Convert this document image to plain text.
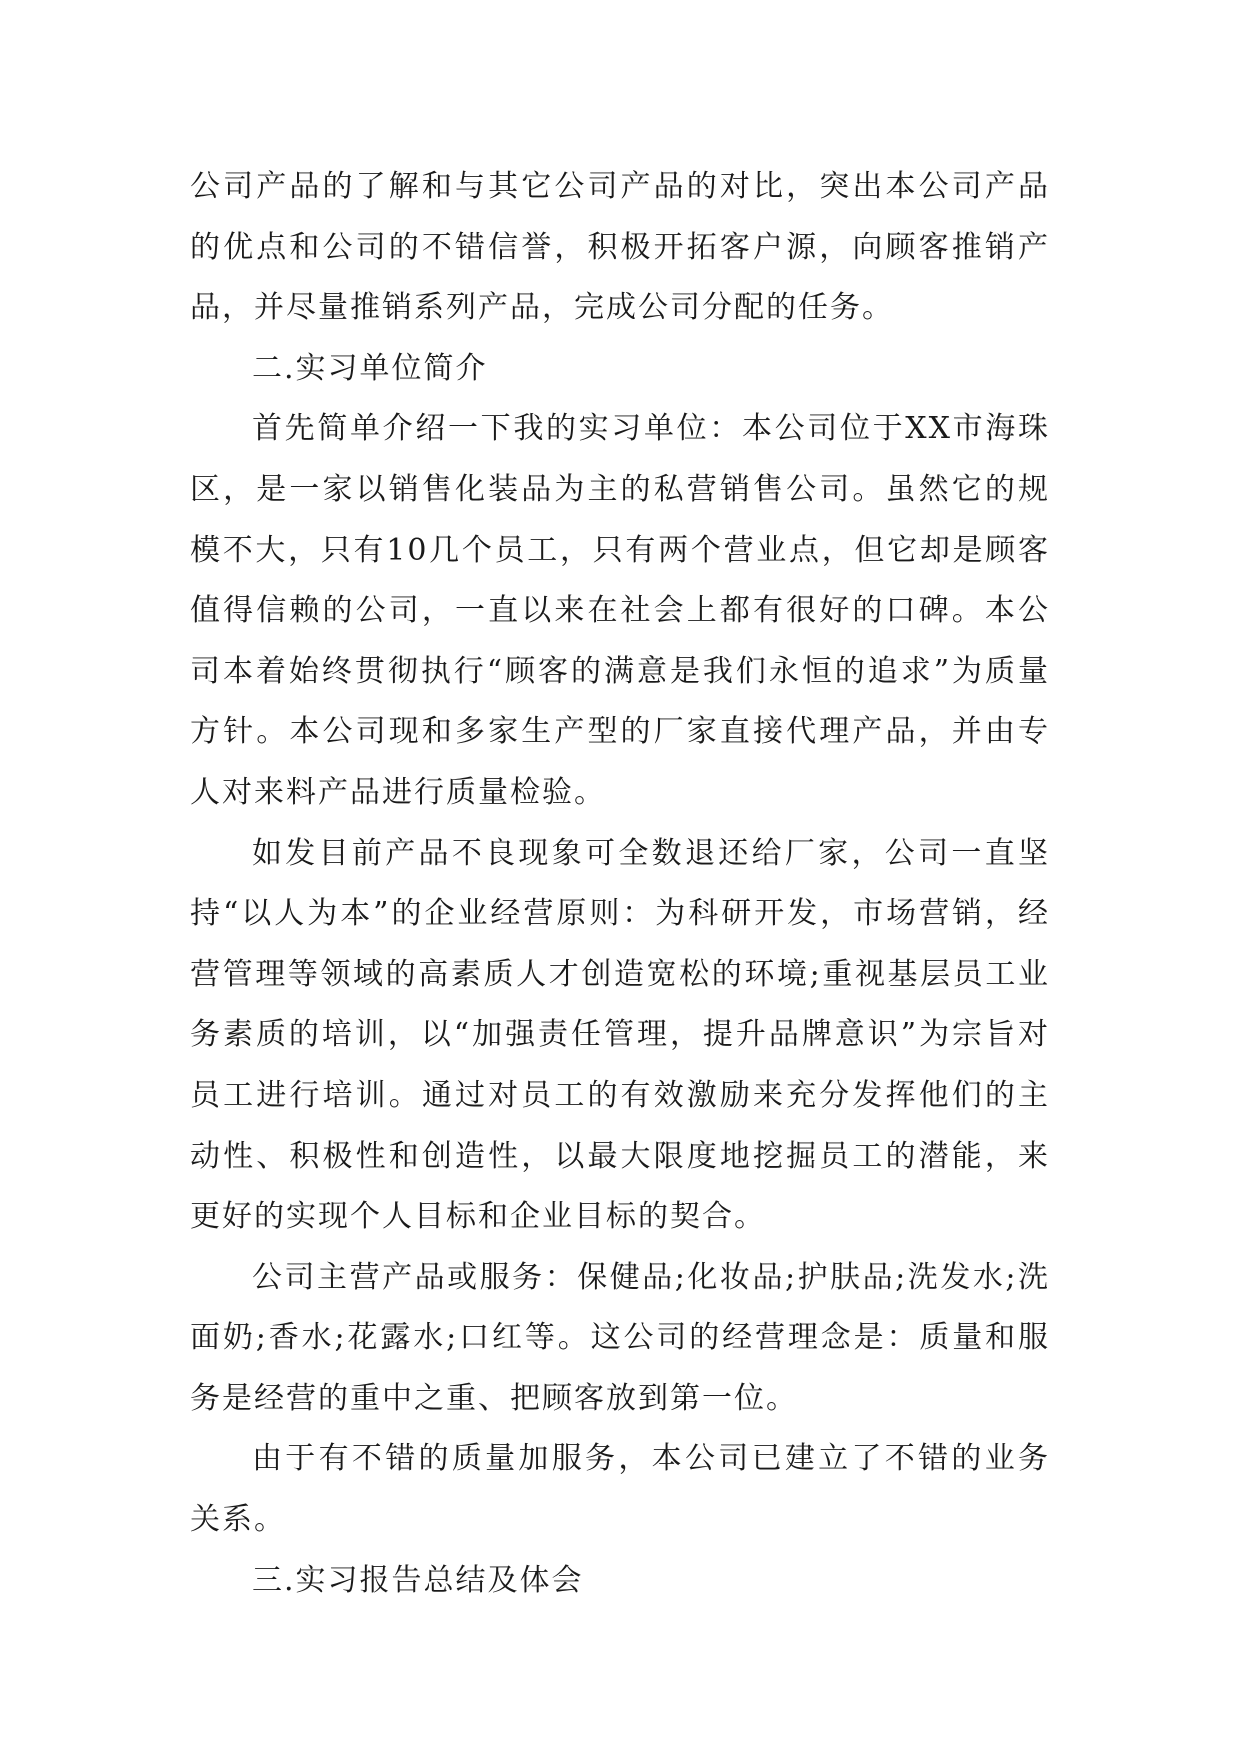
公司产品的了解和与其它公司产品的对比，突出本公司产品的优点和公司的不错信誉，积极开拓客户源，向顾客推销产品，并尽量推销系列产品，完成公司分配的任务。

二.实习单位简介

首先简单介绍一下我的实习单位：本公司位于XX市海珠区，是一家以销售化装品为主的私营销售公司。虽然它的规模不大，只有10几个员工，只有两个营业点，但它却是顾客值得信赖的公司，一直以来在社会上都有很好的口碑。本公司本着始终贯彻执行“顾客的满意是我们永恒的追求”为质量方针。本公司现和多家生产型的厂家直接代理产品，并由专人对来料产品进行质量检验。

如发目前产品不良现象可全数退还给厂家，公司一直坚持“以人为本”的企业经营原则：为科研开发，市场营销，经营管理等领域的高素质人才创造宽松的环境;重视基层员工业务素质的培训，以“加强责任管理，提升品牌意识”为宗旨对员工进行培训。通过对员工的有效激励来充分发挥他们的主动性、积极性和创造性，以最大限度地挖掘员工的潜能，来更好的实现个人目标和企业目标的契合。

公司主营产品或服务：保健品;化妆品;护肤品;洗发水;洗面奶;香水;花露水;口红等。这公司的经营理念是：质量和服务是经营的重中之重、把顾客放到第一位。

由于有不错的质量加服务，本公司已建立了不错的业务关系。

三.实习报告总结及体会
